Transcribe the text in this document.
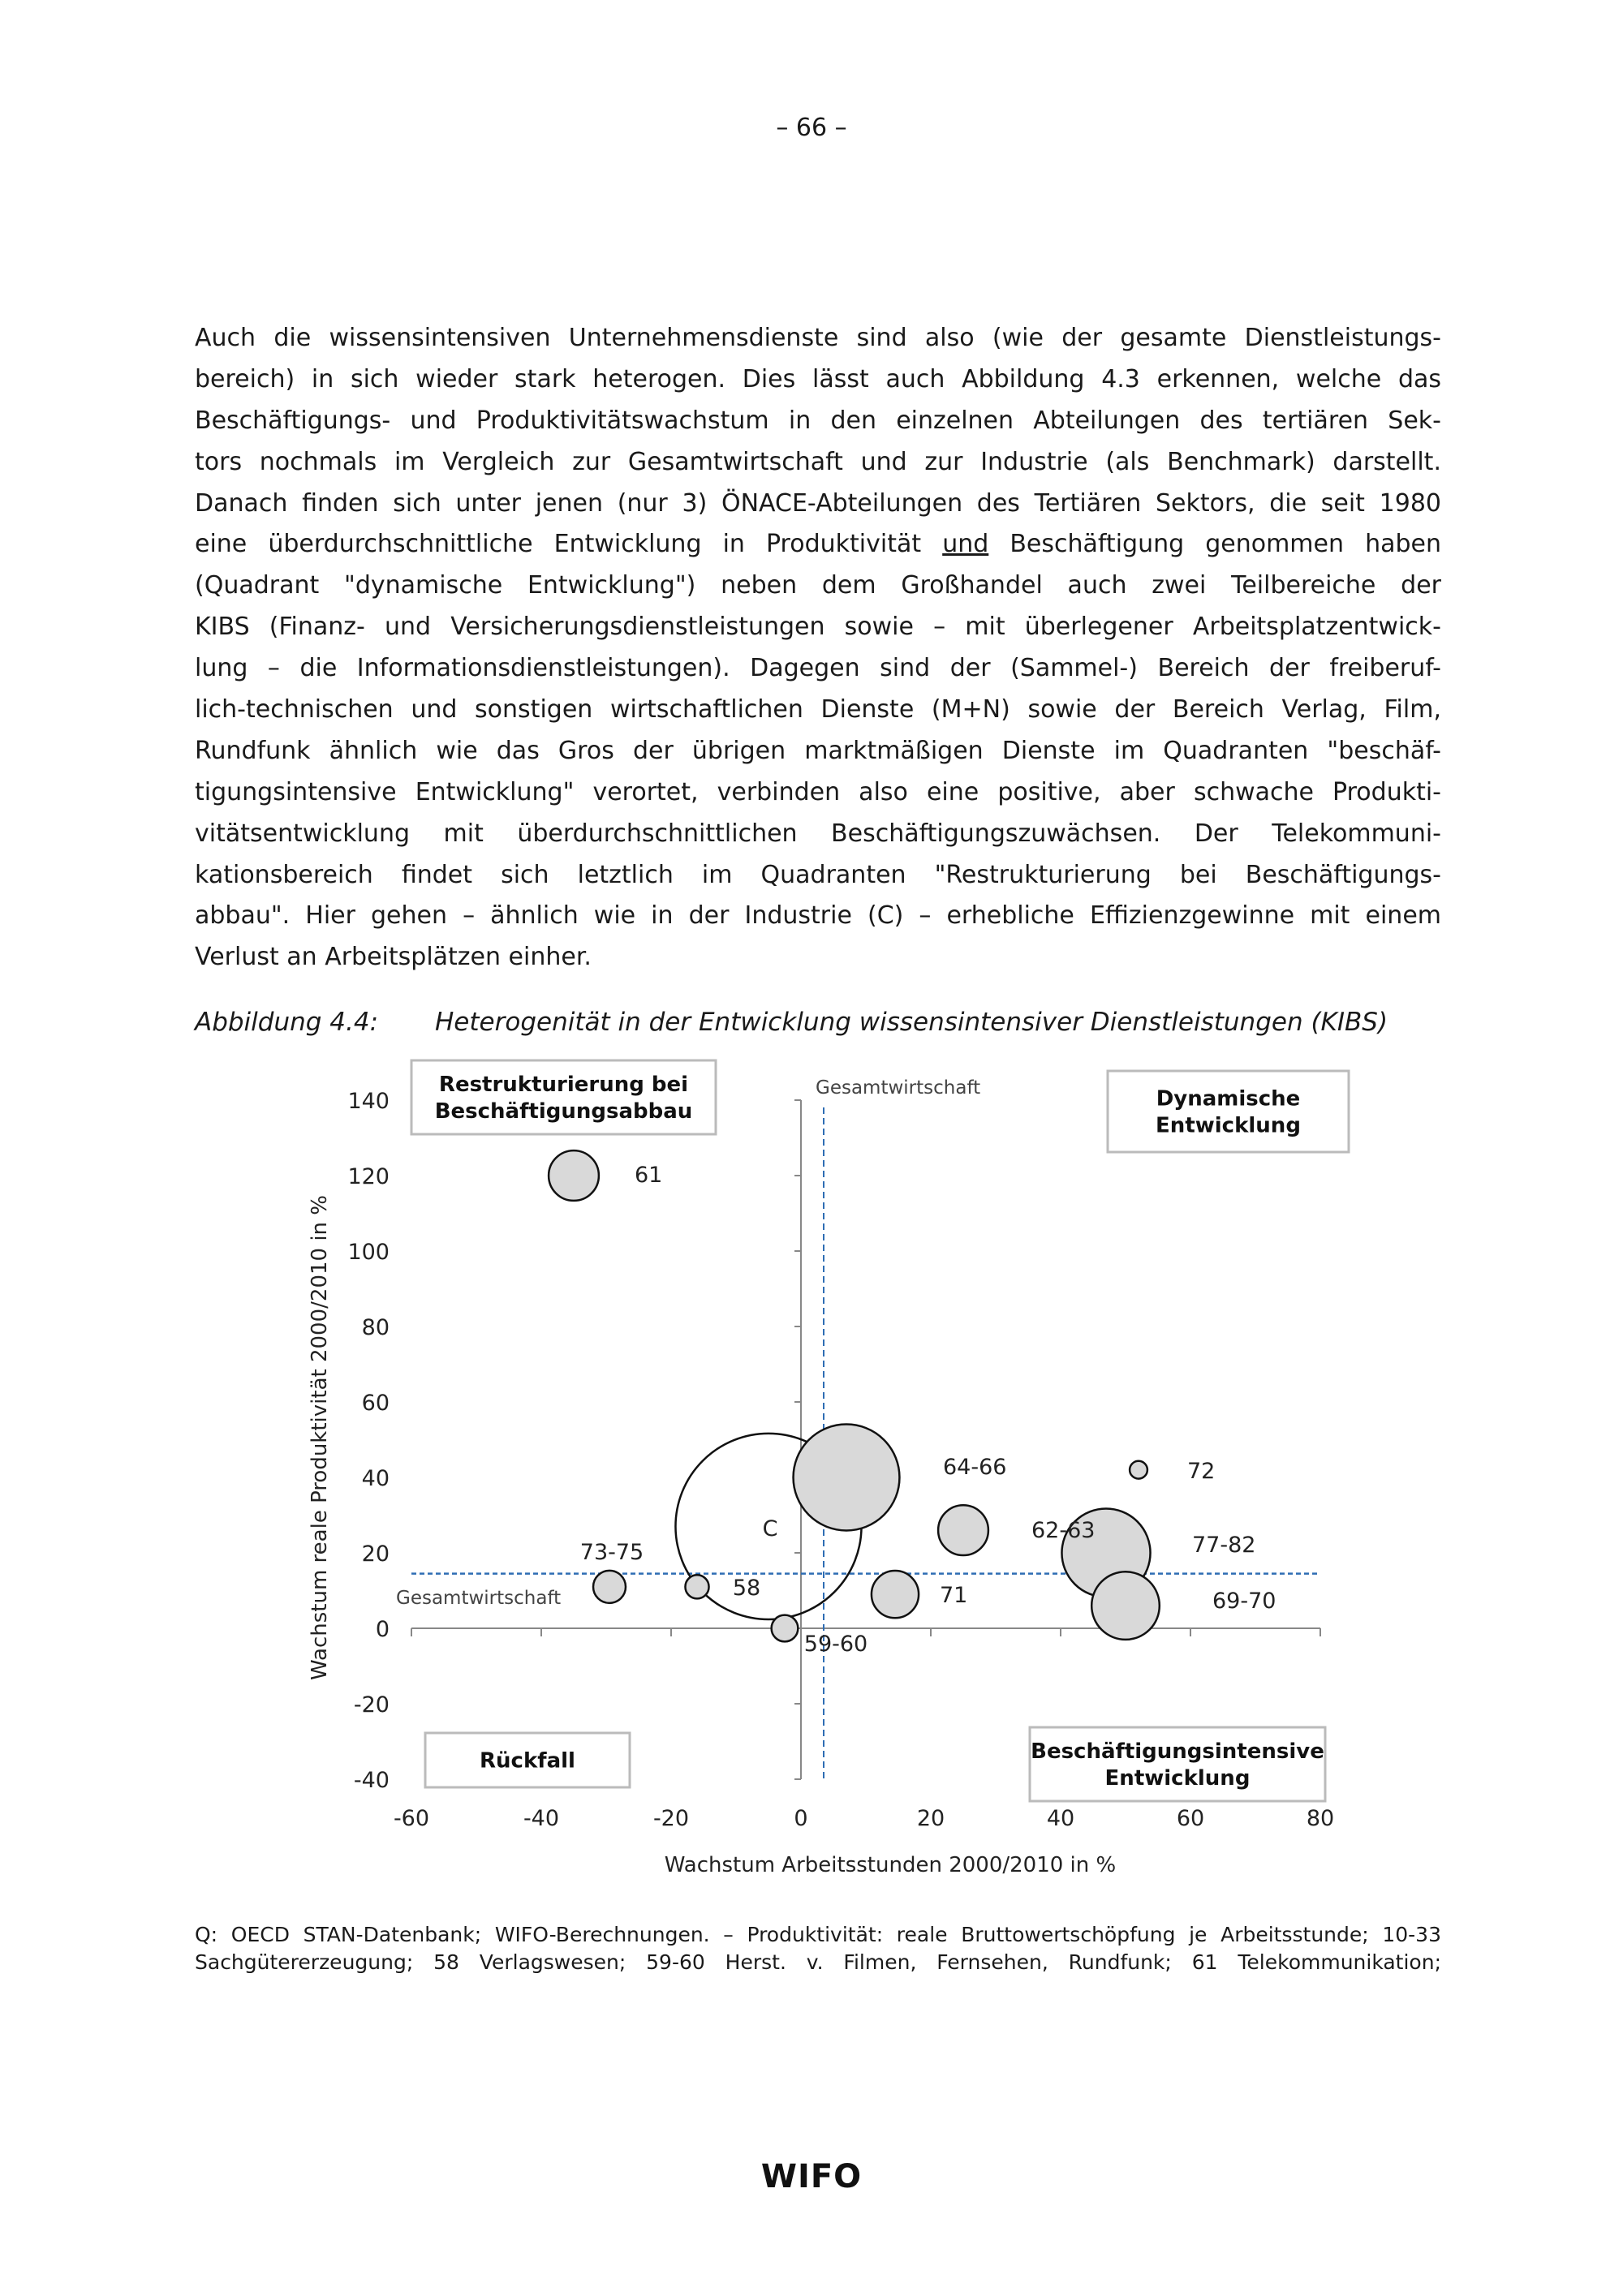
– 66 –
Auch die wissensintensiven Unternehmensdienste sind also (wie der gesamte Dienstleistungs-
bereich) in sich wieder stark heterogen. Dies lässt auch Abbildung 4.3 erkennen, welche das
Beschäftigungs- und Produktivitätswachstum in den einzelnen Abteilungen des tertiären Sek-
tors nochmals im Vergleich zur Gesamtwirtschaft und zur Industrie (als Benchmark) darstellt.
Danach finden sich unter jenen (nur 3) ÖNACE-Abteilungen des Tertiären Sektors, die seit 1980
eine überdurchschnittliche Entwicklung in Produktivität und Beschäftigung genommen haben
(Quadrant "dynamische Entwicklung") neben dem Großhandel auch zwei Teilbereiche der
KIBS (Finanz- und Versicherungsdienstleistungen sowie – mit überlegener Arbeitsplatzentwick-
lung – die Informationsdienstleistungen). Dagegen sind der (Sammel-) Bereich der freiberuf-
lich-technischen und sonstigen wirtschaftlichen Dienste (M+N) sowie der Bereich Verlag, Film,
Rundfunk ähnlich wie das Gros der übrigen marktmäßigen Dienste im Quadranten "beschäf-
tigungsintensive Entwicklung" verortet, verbinden also eine positive, aber schwache Produkti-
vitätsentwicklung mit überdurchschnittlichen Beschäftigungszuwächsen. Der Telekommuni-
kationsbereich findet sich letztlich im Quadranten "Restrukturierung bei Beschäftigungs-
abbau". Hier gehen – ähnlich wie in der Industrie (C) – erhebliche Effizienzgewinne mit einem
Verlust an Arbeitsplätzen einher.
Abbildung 4.4: Heterogenität in der Entwicklung wissensintensiver Dienstleistungen (KIBS)
140
120
100
80
60
40
20
0
-20
-40
-60	-40	-20	0	20	40	60	80
Wachstum Arbeitsstunden 2000/2010 in %
Wachstum reale Produktivität 2000/2010 in %
Gesamtwirtschaft
Gesamtwirtschaft
Restrukturierung bei
Beschäftigungsabbau
Dynamische
Entwicklung
Rückfall	Beschäftigungsintensive
Entwicklung
C
61
64-66	72
62-63
77-82
69-70
71
73-75
58
59-60
Q: OECD STAN-Datenbank; WIFO-Berechnungen. – Produktivität: reale Bruttowertschöpfung je Arbeitsstunde; 10-33
Sachgütererzeugung; 58 Verlagswesen; 59-60 Herst. v. Filmen, Fernsehen, Rundfunk; 61 Telekommunikation;
WIFO
